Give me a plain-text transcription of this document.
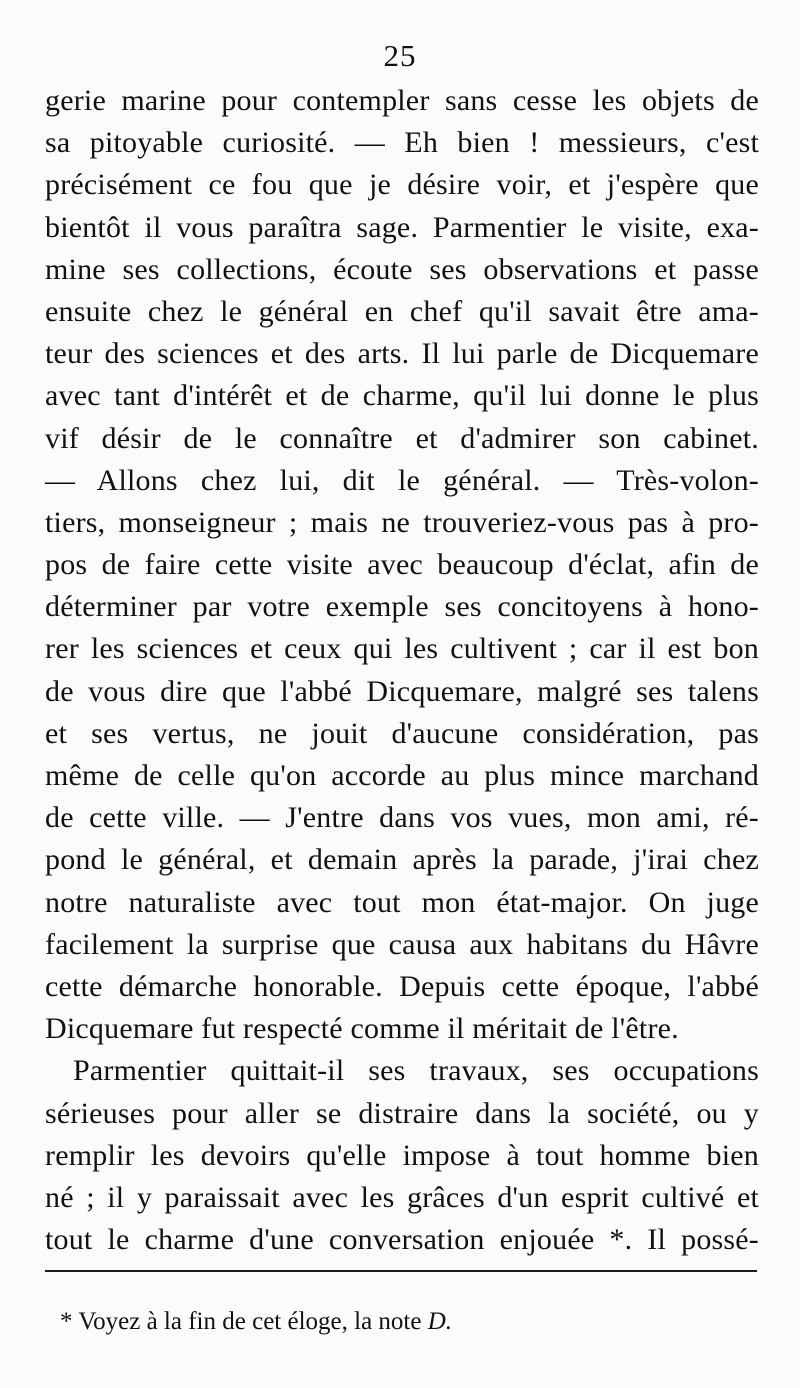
25
gerie marine pour contempler sans cesse les objets de
sa pitoyable curiosité. — Eh bien ! messieurs, c'est
précisément ce fou que je désire voir, et j'espère que
bientôt il vous paraîtra sage. Parmentier le visite, exa-
mine ses collections, écoute ses observations et passe
ensuite chez le général en chef qu'il savait être ama-
teur des sciences et des arts. Il lui parle de Dicquemare
avec tant d'intérêt et de charme, qu'il lui donne le plus
vif désir de le connaître et d'admirer son cabinet.
— Allons chez lui, dit le général. — Très-volon-
tiers, monseigneur ; mais ne trouveriez-vous pas à pro-
pos de faire cette visite avec beaucoup d'éclat, afin de
déterminer par votre exemple ses concitoyens à hono-
rer les sciences et ceux qui les cultivent ; car il est bon
de vous dire que l'abbé Dicquemare, malgré ses talens
et ses vertus, ne jouit d'aucune considération, pas
même de celle qu'on accorde au plus mince marchand
de cette ville. — J'entre dans vos vues, mon ami, ré-
pond le général, et demain après la parade, j'irai chez
notre naturaliste avec tout mon état-major. On juge
facilement la surprise que causa aux habitans du Hâvre
cette démarche honorable. Depuis cette époque, l'abbé
Dicquemare fut respecté comme il méritait de l'être.
Parmentier quittait-il ses travaux, ses occupations
sérieuses pour aller se distraire dans la société, ou y
remplir les devoirs qu'elle impose à tout homme bien
né ; il y paraissait avec les grâces d'un esprit cultivé et
tout le charme d'une conversation enjouée *. Il possé-
* Voyez à la fin de cet éloge, la note D.
